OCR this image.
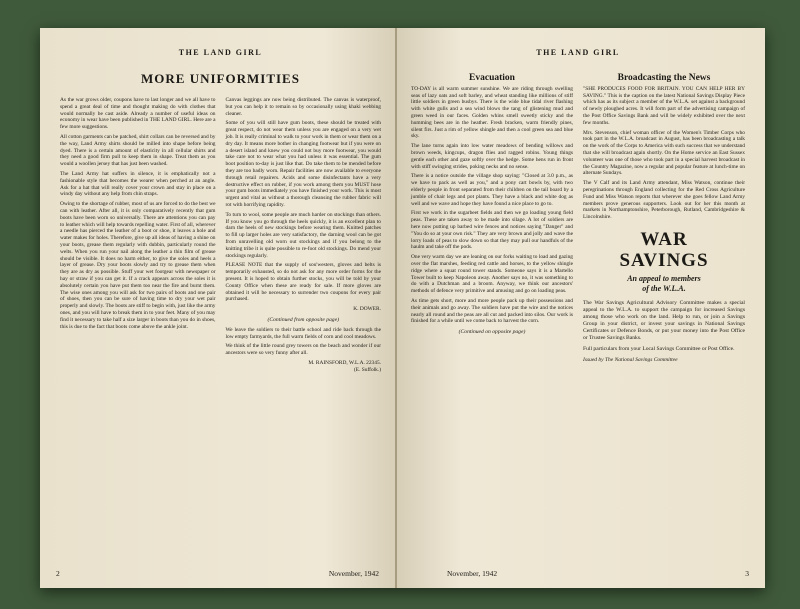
THE LAND GIRL
MORE UNIFORMITIES

As the war grows older, coupons have to last longer and we all have to spend a great deal of time and thought making do with clothes that would normally be cast aside. Already a number of useful ideas on economy in wear have been published in THE LAND GIRL. Here are a few more suggestions.

All cotton garments can be patched, shirt collars can be reversed and by the way, Land Army shirts should be milled into shape before being dyed. There is a certain amount of elasticity in all cellular shirts and they need a good firm pull to keep them in shape. Treat them as you would a woollen jersey that has just been washed.

The Land Army hat suffers in silence, it is emphatically not a fashionable style that becomes the wearer when perched at an angle. Ask for a hat that will really cover your crown and stay in place on a windy day without any help from chin straps.

Owing to the shortage of rubber, most of us are forced to do the best we can with leather. After all, it is only comparatively recently that gum boots have been worn so universally. There are attentions you can pay to leather which will help towards repelling water. First of all, wherever a needle has pierced the leather of a boot or shoe, it leaves a hole and water makes for holes. Therefore, give up all ideas of having a shine on your boots, grease them regularly with dubbin, particularly round the welts. When you run your nail along the leather a thin film of grease should be visible. It does no harm either, to give the soles and heels a layer of grease. Dry your boots slowly and try to grease them when they are as dry as possible. Stuff your wet footgear with newspaper or hay or straw if you can get it. If a crack appears across the soles it is absolutely certain you have put them too near the fire and burnt them. The wise ones among you will ask for two pairs of boots and one pair of shoes, then you can be sure of having time to dry your wet pair properly and slowly. The boots are stiff to begin with, just like the army ones, and you will have to break them in to your feet. Many of you may find it necessary to take half a size larger in boots than you do in shoes, this is due to the fact that boots come above the ankle joint.

Canvas leggings are now being distributed. The canvas is waterproof, but you can help it to remain so by occasionally using khaki webbing cleaner.

Some of you will still have gum boots, these should be treated with great respect, do not wear them unless you are engaged on a very wet job. It is really criminal to walk to your work in them or wear them on a dry day. It means more bother in changing footwear but if you were on a desert island and knew you could not buy more footwear, you would take care not to wear what you had unless it was essential. The gum boot position to-day is just like that. Do take them to be mended before they are too badly worn. Repair facilities are now available to everyone through retail repairers. Acids and some disinfectants have a very destructive effect on rubber, if you work among them you MUST hose your gum boots immediately you have finished your work. This is most urgent and vital as without a thorough cleansing the rubber fabric will rot with horrifying rapidity.

To turn to wool, some people are much harder on stockings than others. If you know you go through the heels quickly, it is an excellent plan to darn the heels of new stockings before wearing them. Knitted patches to fill up larger holes are very satisfactory, the darning wool can be got from unravelling old worn out stockings and if you belong to the knitting tribe it is quite possible to re-foot old stockings. Do mend your stockings regularly.

PLEASE NOTE that the supply of sou'westers, gloves and belts is temporarily exhausted, so do not ask for any more order forms for the present. It is hoped to obtain further stocks, you will be told by your County Office when these are ready for sale. If more gloves are obtained it will be necessary to surrender two coupons for every pair purchased.

K. DOWER.
(Continued from opposite page)

We leave the soldiers to their battle school and ride back through the low empty farmyards, the full warm fields of corn and cool meadows.

We think of the little round grey towers on the beach and wonder if our ancestors were so very funny after all.

M. RAINSFORD, W.L.A. 22345.
(E. Suffolk.)
2	November, 1942
THE LAND GIRL
Evacuation

TO-DAY is all warm summer sunshine. We are riding through swelling seas of lazy oats and soft barley, and wheat standing like millions of stiff little soldiers in green busbys. There is the wide blue tidal river flashing with white gulls and a sea wind blows the tang of glistening mud and green weed in our faces. Golden whins smell sweetly sticky and the humming bees are in the heather. Fresh bracken, warm friendly pines, silent firs. Just a rim of yellow shingle and then a cool green sea and blue sky.

The lane turns again into low water meadows of bending willows and brown weeds, kingcups, dragon flies and ragged robins. Young things gentle each other and gaze softly over the hedge. Some hens run in front with stiff swinging strides, poking necks and no sense.

There is a notice outside the village shop saying: "Closed at 3.0 p.m., as we have to pack as well as you," and a pony cart bowls by, with two elderly people in front separated from their children on the tail board by a jumble of chair legs and pot plants. They have a black and white dog as well and we wave and hope they have found a nice place to go to.

First we work in the sugarbeet fields and then we go loading young field peas. These are taken away to be made into silage. A lot of soldiers are here now putting up barbed wire fences and notices saying "Danger" and "You do so at your own risk." They are very brown and jolly and wave the lorry loads of peas to slow down so that they may pull our handfuls of the haulm and take off the pods.

One very warm day we are leaning on our forks waiting to load and gazing over the flat marshes, feeding red cattle and horses, to the yellow shingle ridge where a squat round tower stands. Someone says it is a Martello Tower built to keep Napoleon away. Another says no, it was something to do with a Dutchman and a broom. Anyway, we think our ancestors' methods of defence very primitive and amusing and go on loading peas.

As time gets short, more and more people pack up their possessions and their animals and go away. The soldiers have put the wire and the notices nearly all round and the peas are all cut and packed into silos. Our work is finished for a while until we come back to harvest the corn.

(Continued on opposite page)
Broadcasting the News

"SHE PRODUCES FOOD FOR BRITAIN. YOU CAN HELP HER BY SAVING." This is the caption on the latest National Savings Display Piece which has as its subject a member of the W.L.A. set against a background of newly ploughed acres. It will form part of the advertising campaign of the Post Office Savings Bank and will be widely exhibited over the next few months.

Mrs. Stevenson, chief woman officer of the Women's Timber Corps who took part in the W.L.A. broadcast in August, has been broadcasting a talk on the work of the Corps to America with such success that we understand that she will broadcast again shortly. On the Home service an East Sussex volunteer was one of those who took part in a special harvest broadcast in the Country Magazine, now a regular and popular feature at lunch-time on alternate Sundays.

The V Calf and its Land Army attendant, Miss Watson, continue their peregrinations through England collecting for the Red Cross Agriculture Fund and Miss Watson reports that wherever she goes fellow Land Army members prove generous supporters. Look out for her this month at markets in Northamptonshire, Peterborough, Rutland, Cambridgeshire & Lincolnshire.

WAR
SAVINGS
An appeal to members
of the W.L.A.

The War Savings Agricultural Advisory Committee makes a special appeal to the W.L.A. to support the campaign for increased Savings among those who work on the land. Help to run, or join a Savings Group in your district, or invest your savings in National Savings Certificates or Defence Bonds, or put your money into the Post Office or Trustee Savings Banks.

Full particulars from your Local Savings Committee or Post Office.

Issued by The National Savings Committee
November, 1942	3
